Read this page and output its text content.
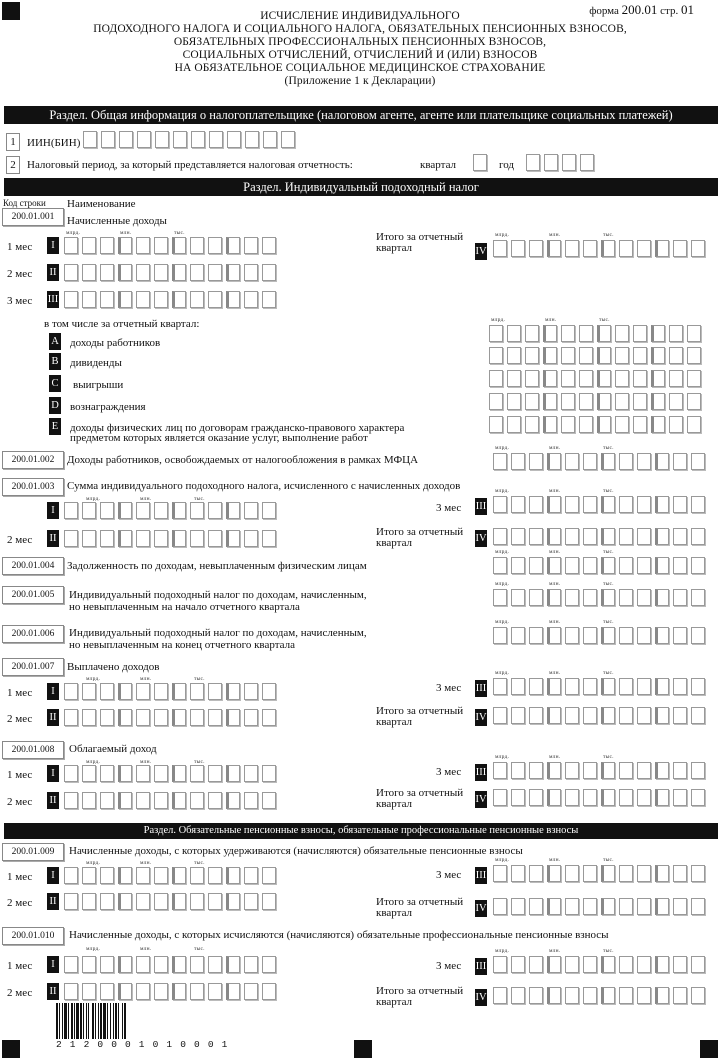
форма 200.01 стр. 01
ИСЧИСЛЕНИЕ ИНДИВИДУАЛЬНОГО
ПОДОХОДНОГО НАЛОГА И СОЦИАЛЬНОГО НАЛОГА, ОБЯЗАТЕЛЬНЫХ ПЕНСИОННЫХ ВЗНОСОВ,
ОБЯЗАТЕЛЬНЫХ ПРОФЕССИОНАЛЬНЫХ ПЕНСИОННЫХ ВЗНОСОВ,
СОЦИАЛЬНЫХ ОТЧИСЛЕНИЙ, ОТЧИСЛЕНИЙ И (ИЛИ) ВЗНОСОВ
НА ОБЯЗАТЕЛЬНОЕ СОЦИАЛЬНОЕ МЕДИЦИНСКОЕ СТРАХОВАНИЕ
(Приложение 1 к Декларации)
Раздел. Общая информация о налогоплательщике (налоговом агенте, агенте или плательщике социальных платежей)
1	ИИН(БИН)
2	Налоговый период, за который представляется налоговая отчетность:	квартал	год
Раздел. Индивидуальный подоходный налог
Код строки Наименование
200.01.001	Начисленные доходы
млрд.	млн.	тыс.
1 мес	I
2 мес II
3 мес III
Итого за отчетный
квартал	IV
млрд.	млн.	тыс.
в том числе за отчетный квартал:
A доходы работников
B дивиденды
C выигрыши
D вознаграждения
E доходы физических лиц по договорам гражданско-правового характера
предметом которых является оказание услуг, выполнение работ
млрд.	млн.	тыс.
200.01.002	Доходы работников, освобождаемых от налогообложения в рамках МФЦА
млрд.	млн.	тыс.
200.01.003	Сумма индивидуального подоходного налога, исчисленного с начисленных доходов
млрд.	млн.	тыс.
I
2 мес II
3 мес III
млрд.	млн.	тыс.
Итого за отчетный
квартал	IV
200.01.004	Задолженность по доходам, невыплаченным физическим лицам
млрд.	млн.	тыс.
200.01.005	Индивидуальный подоходный налог по доходам, начисленным,
но невыплаченным на начало отчетного квартала
млрд.	млн.	тыс.
200.01.006	Индивидуальный подоходный налог по доходам, начисленным,
но невыплаченным на конец отчетного квартала
млрд.	млн.	тыс.
200.01.007	Выплачено доходов
млрд.	млн.	тыс.
1 мес	I
2 мес II
3 мес III
млрд.	млн.	тыс.
Итого за отчетный
квартал	IV
200.01.008	Облагаемый доход
млрд.	млн.	тыс.
1 мес	I
2 мес II
3 мес III
млрд.	млн.	тыс.
Итого за отчетный
квартал	IV
Раздел. Обязательные пенсионные взносы, обязательные профессиональные пенсионные взносы
200.01.009	Начисленные доходы, с которых удерживаются (начисляются) обязательные пенсионные взносы
млрд.	млн.	тыс.
1 мес	I
2 мес II
3 мес III
млрд.	млн.	тыс.
Итого за отчетный
квартал	IV
200.01.010	Начисленные доходы, с которых исчисляются (начисляются) обязательные профессиональные пенсионные взносы
млрд.	млн.	тыс.
1 мес	I
2 мес II
3 мес III
млрд.	млн.	тыс.
Итого за отчетный
квартал	IV
2 1 2 0 0 0 1 0 1 0 0 0 1
